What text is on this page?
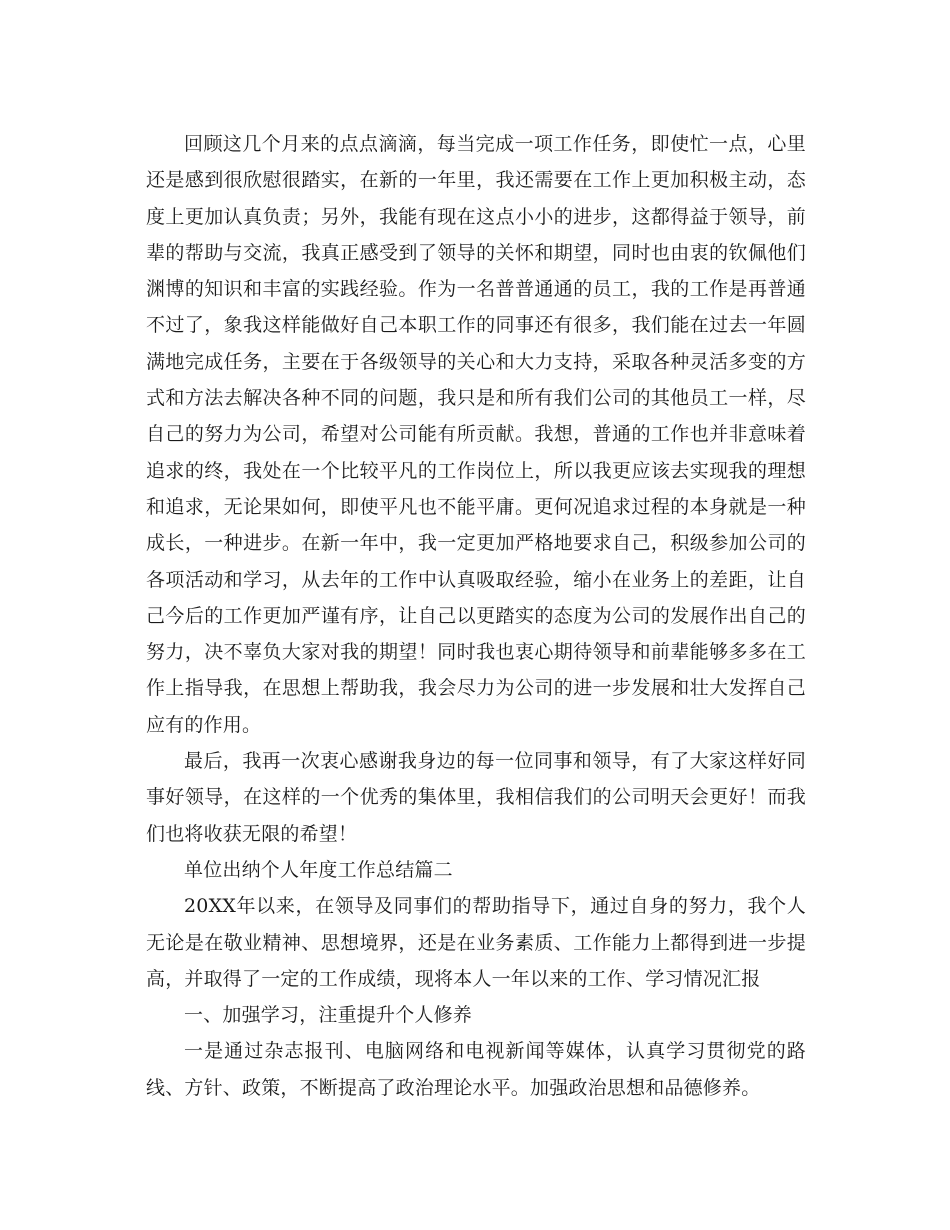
回顾这几个月来的点点滴滴，每当完成一项工作任务，即使忙一点，心里还是感到很欣慰很踏实，在新的一年里，我还需要在工作上更加积极主动，态度上更加认真负责；另外，我能有现在这点小小的进步，这都得益于领导，前辈的帮助与交流，我真正感受到了领导的关怀和期望，同时也由衷的钦佩他们渊博的知识和丰富的实践经验。作为一名普普通通的员工，我的工作是再普通不过了，象我这样能做好自己本职工作的同事还有很多，我们能在过去一年圆满地完成任务，主要在于各级领导的关心和大力支持，采取各种灵活多变的方式和方法去解决各种不同的问题，我只是和所有我们公司的其他员工一样，尽自己的努力为公司，希望对公司能有所贡献。我想，普通的工作也并非意味着追求的终，我处在一个比较平凡的工作岗位上，所以我更应该去实现我的理想和追求，无论果如何，即使平凡也不能平庸。更何况追求过程的本身就是一种成长，一种进步。在新一年中，我一定更加严格地要求自己，积级参加公司的各项活动和学习，从去年的工作中认真吸取经验，缩小在业务上的差距，让自己今后的工作更加严谨有序，让自己以更踏实的态度为公司的发展作出自己的努力，决不辜负大家对我的期望！同时我也衷心期待领导和前辈能够多多在工作上指导我，在思想上帮助我，我会尽力为公司的进一步发展和壮大发挥自己应有的作用。

最后，我再一次衷心感谢我身边的每一位同事和领导，有了大家这样好同事好领导，在这样的一个优秀的集体里，我相信我们的公司明天会更好！而我们也将收获无限的希望！

单位出纳个人年度工作总结篇二

20XX年以来，在领导及同事们的帮助指导下，通过自身的努力，我个人无论是在敬业精神、思想境界，还是在业务素质、工作能力上都得到进一步提高，并取得了一定的工作成绩，现将本人一年以来的工作、学习情况汇报

一、加强学习，注重提升个人修养

一是通过杂志报刊、电脑网络和电视新闻等媒体，认真学习贯彻党的路线、方针、政策，不断提高了政治理论水平。加强政治思想和品德修养。
